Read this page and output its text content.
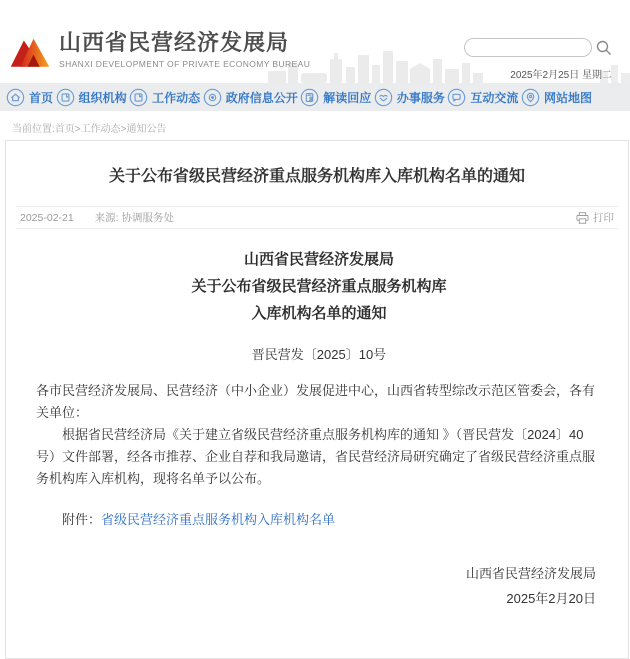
山西省民营经济发展局
SHANXI DEVELOPMENT OF PRIVATE ECONOMY BUREAU
2025年2月25日 星期二
首页 组织机构 工作动态 政府信息公开 解读回应 办事服务 互动交流 网站地图
当前位置:首页>工作动态>通知公告
关于公布省级民营经济重点服务机构库入库机构名单的通知
2025-02-21 来源: 协调服务处	打印
山西省民营经济发展局
关于公布省级民营经济重点服务机构库
入库机构名单的通知
晋民营发〔2025〕10号

各市民营经济发展局、民营经济（中小企业）发展促进中心，山西省转型综改示范区管委会，各有关单位：

根据省民营经济局《关于建立省级民营经济重点服务机构库的通知 》（晋民营发〔2024〕40号）文件部署，经各市推荐、企业自荐和我局邀请，省民营经济局研究确定了省级民营经济重点服务机构库入库机构，现将名单予以公布。

附件：省级民营经济重点服务机构入库机构名单
山西省民营经济发展局
2025年2月20日
